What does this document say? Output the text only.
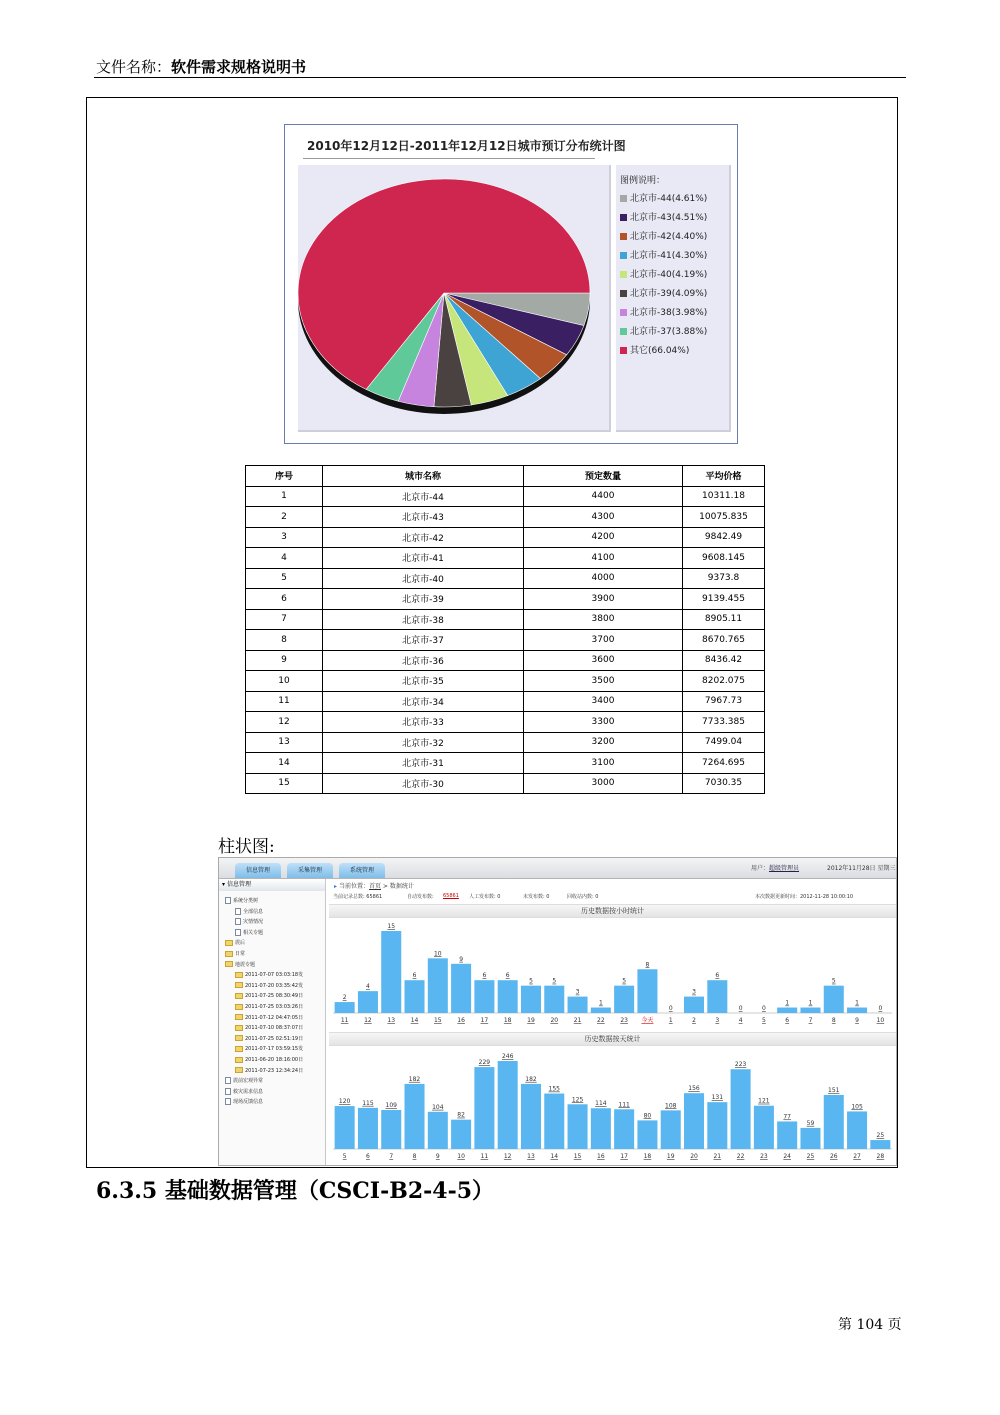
文件名称：软件需求规格说明书
2010年12月12日-2011年12月12日城市预订分布统计图
图例说明：
北京市-44(4.61%)
北京市-43(4.51%)
北京市-42(4.40%)
北京市-41(4.30%)
北京市-40(4.19%)
北京市-39(4.09%)
北京市-38(3.98%)
北京市-37(3.88%)
其它(66.04%)
序号	城市名称	预定数量	平均价格
1	北京市-44	4400	10311.18
2	北京市-43	4300	10075.835
3	北京市-42	4200	9842.49
4	北京市-41	4100	9608.145
5	北京市-40	4000	9373.8
6	北京市-39	3900	9139.455
7	北京市-38	3800	8905.11
8	北京市-37	3700	8670.765
9	北京市-36	3600	8436.42
10	北京市-35	3500	8202.075
11	北京市-34	3400	7967.73
12	北京市-33	3300	7733.385
13	北京市-32	3200	7499.04
14	北京市-31	3100	7264.695
15	北京市-30	3000	7030.35
柱状图:
信息管理	采集管理	系统管理	用户：超级管理员	2012年11月28日 星期三
▾ 信息管理
系统分类树
全部信息
灾情情况
相关专题
震后
日常
地震专题
2011-07-07 03:03:18发
2011-07-20 03:35:42发
2011-07-25 08:30:49日
2011-07-25 03:03:26日
2011-07-12 04:47:05日
2011-07-10 08:37:07日
2011-07-25 02:51:19日
2011-07-17 03:59:15发
2011-06-20 18:16:00日
2011-07-23 12:34:24日
震前宏观异常
救灾需求信息
现场反馈信息
▸ 当前位置：首页 > 数据统计
当前记录总数: 65861	自动发布数: 65861 人工发布数: 0	未发布数: 0	回收站内数: 0	本次数据更新时间：2012-11-28 10:00:10
历史数据按小时统计
2
11
4
12
15
13
6
14
10
15
9
16
6
17
6
18
5
19
5
20
3
21
1
22
5
23
8
今天
0
1
3
2
6
3
0
4
0
5
1
6
1
7
5
8
1
9
0
10
历史数据按天统计
120
5
115
6
109
7
182
8
104
9
82
10
229
11
246
12
182
13
155
14
125
15
114
16
111
17
80
18
108
19
156
20
131
21
223
22
121
23
77
24
59
25
151
26
105
27
25
28
6.3.5 基础数据管理（CSCI-B2-4-5）
第 104 页
